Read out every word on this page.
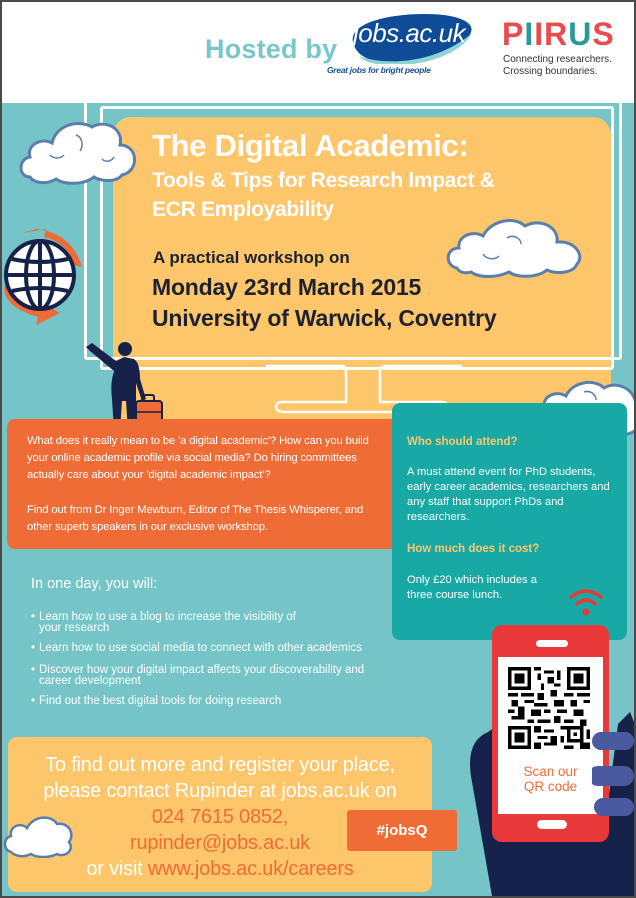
Hosted by
jobs.ac.uk
Great jobs for bright people
PIIRUS
Connecting researchers.
Crossing boundaries.
The Digital Academic:
Tools & Tips for Research Impact &
ECR Employability
A practical workshop on
Monday 23rd March 2015
University of Warwick, Coventry
What does it really mean to be 'a digital academic'? How can you build your online academic profile via social media? Do hiring committees actually care about your 'digital academic impact'?
Find out from Dr Inger Mewburn, Editor of The Thesis Whisperer, and other superb speakers in our exclusive workshop.
Who should attend?
A must attend event for PhD students, early career academics, researchers and any staff that support PhDs and researchers.
How much does it cost?
Only £20 which includes a three course lunch.
In one day, you will:
• Learn how to use a blog to increase the visibility of
your research
• Learn how to use social media to connect with other academics
• Discover how your digital impact affects your discoverability and
career development
• Find out the best digital tools for doing research
To find out more and register your place,
please contact Rupinder at jobs.ac.uk on
024 7615 0852,
rupinder@jobs.ac.uk
or visit www.jobs.ac.uk/careers
#jobsQ
Scan our
QR code
